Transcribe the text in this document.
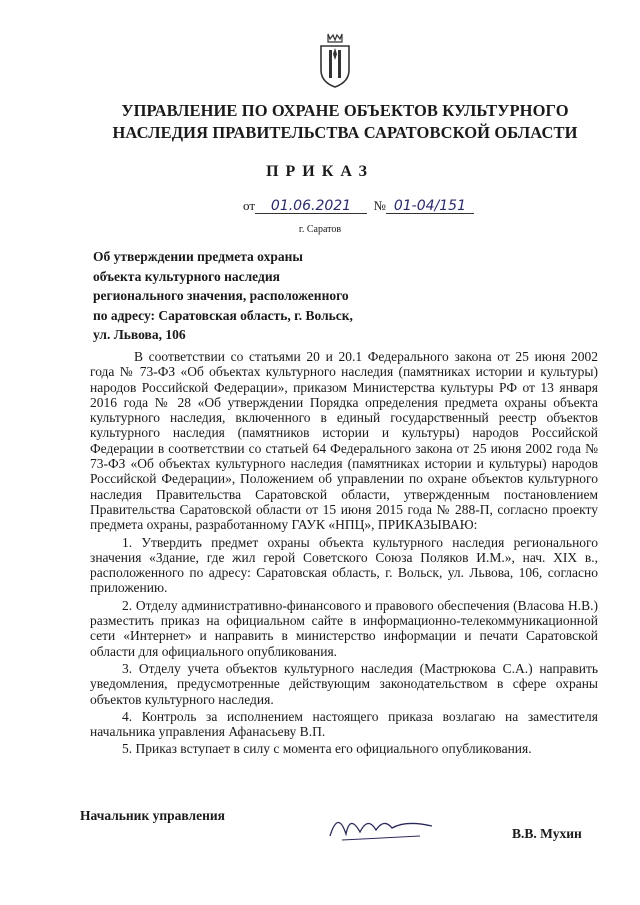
УПРАВЛЕНИЕ ПО ОХРАНЕ ОБЪЕКТОВ КУЛЬТУРНОГО
НАСЛЕДИЯ ПРАВИТЕЛЬСТВА САРАТОВСКОЙ ОБЛАСТИ
ПРИКАЗ
от 01.06.2021 № 01-04/151
г. Саратов
Об утверждении предмета охраны
объекта культурного наследия
регионального значения, расположенного
по адресу: Саратовская область, г. Вольск,
ул. Львова, 106

В соответствии со статьями 20 и 20.1 Федерального закона от 25 июня 2002 года № 73-ФЗ «Об объектах культурного наследия (памятниках истории и культуры) народов Российской Федерации», приказом Министерства культуры РФ от 13 января 2016 года № 28 «Об утверждении Порядка определения предмета охраны объекта культурного наследия, включенного в единый государственный реестр объектов культурного наследия (памятников истории и культуры) народов Российской Федерации в соответствии со статьей 64 Федерального закона от 25 июня 2002 года № 73-ФЗ «Об объектах культурного наследия (памятниках истории и культуры) народов Российской Федерации», Положением об управлении по охране объектов культурного наследия Правительства Саратовской области, утвержденным постановлением Правительства Саратовской области от 15 июня 2015 года № 288-П, согласно проекту предмета охраны, разработанному ГАУК «НПЦ», ПРИКАЗЫВАЮ:

1. Утвердить предмет охраны объекта культурного наследия регионального значения «Здание, где жил герой Советского Союза Поляков И.М.», нач. XIX в., расположенного по адресу: Саратовская область, г. Вольск, ул. Львова, 106, согласно приложению.

2. Отделу административно-финансового и правового обеспечения (Власова Н.В.) разместить приказ на официальном сайте в информационно-телекоммуникационной сети «Интернет» и направить в министерство информации и печати Саратовской области для официального опубликования.

3. Отделу учета объектов культурного наследия (Мастрюкова С.А.) направить уведомления, предусмотренные действующим законодательством в сфере охраны объектов культурного наследия.

4. Контроль за исполнением настоящего приказа возлагаю на заместителя начальника управления Афанасьеву В.П.

5. Приказ вступает в силу с момента его официального опубликования.

Начальник управления
В.В. Мухин
